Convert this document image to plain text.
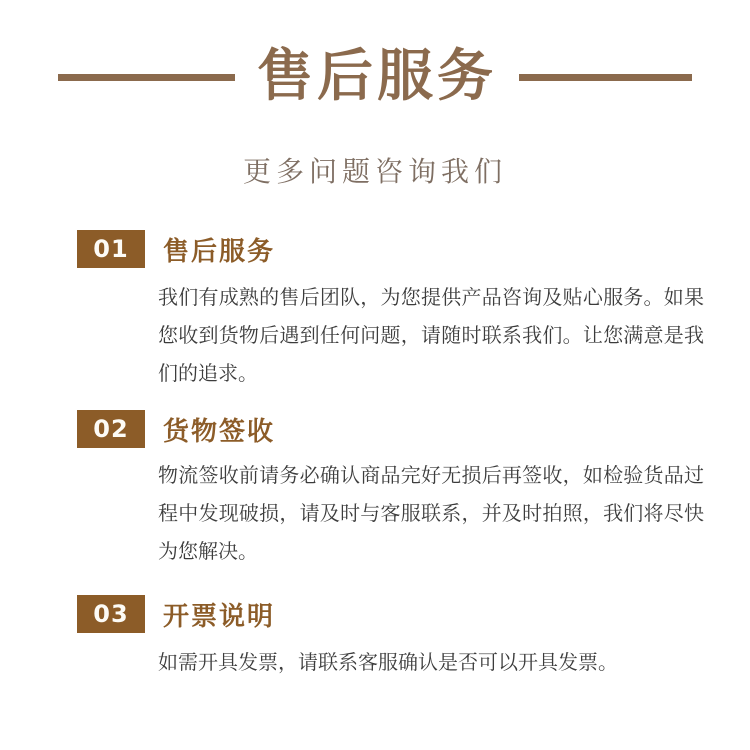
售后服务
更多问题咨询我们
01	售后服务
我们有成熟的售后团队，为您提供产品咨询及贴心服务。如果您收到货物后遇到任何问题，请随时联系我们。让您满意是我们的追求。
02	货物签收
物流签收前请务必确认商品完好无损后再签收，如检验货品过程中发现破损，请及时与客服联系，并及时拍照，我们将尽快为您解决。
03	开票说明
如需开具发票，请联系客服确认是否可以开具发票。
